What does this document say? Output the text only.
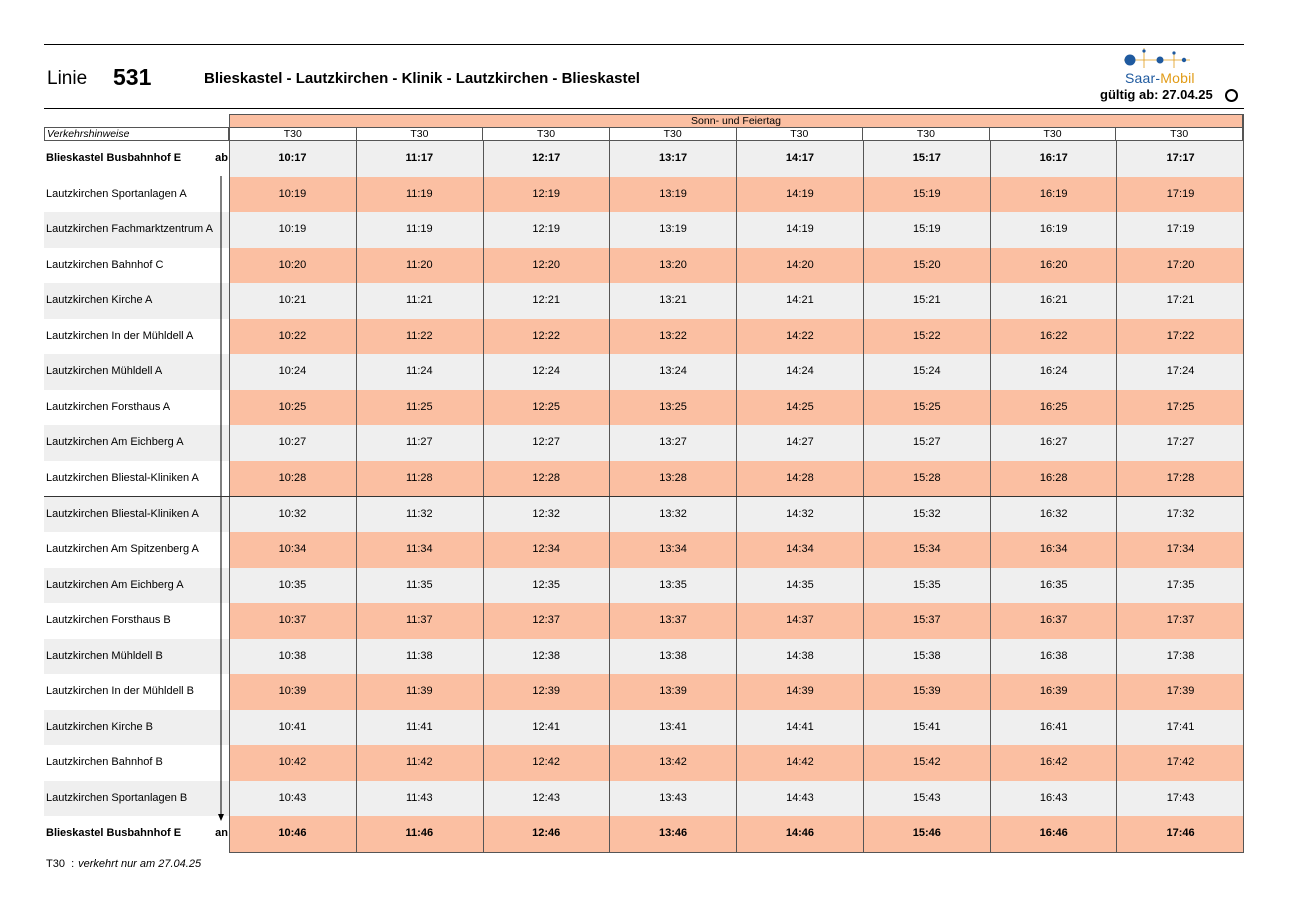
Linie 531	Blieskastel - Lautzkirchen - Klinik - Lautzkirchen - Blieskastel	Saar-Mobil
gültig ab: 27.04.25
Sonn- und Feiertag
Verkehrshinweise	T30	T30	T30	T30	T30	T30	T30	T30
Blieskastel Busbahnhof E	ab	10:17	11:17	12:17	13:17	14:17	15:17	16:17	17:17
Lautzkirchen Sportanlagen A	10:19	11:19	12:19	13:19	14:19	15:19	16:19	17:19
Lautzkirchen Fachmarktzentrum A	10:19	11:19	12:19	13:19	14:19	15:19	16:19	17:19
Lautzkirchen Bahnhof C	10:20	11:20	12:20	13:20	14:20	15:20	16:20	17:20
Lautzkirchen Kirche A	10:21	11:21	12:21	13:21	14:21	15:21	16:21	17:21
Lautzkirchen In der Mühldell A	10:22	11:22	12:22	13:22	14:22	15:22	16:22	17:22
Lautzkirchen Mühldell A	10:24	11:24	12:24	13:24	14:24	15:24	16:24	17:24
Lautzkirchen Forsthaus A	10:25	11:25	12:25	13:25	14:25	15:25	16:25	17:25
Lautzkirchen Am Eichberg A	10:27	11:27	12:27	13:27	14:27	15:27	16:27	17:27
Lautzkirchen Bliestal-Kliniken A	10:28	11:28	12:28	13:28	14:28	15:28	16:28	17:28
Lautzkirchen Bliestal-Kliniken A	10:32	11:32	12:32	13:32	14:32	15:32	16:32	17:32
Lautzkirchen Am Spitzenberg A	10:34	11:34	12:34	13:34	14:34	15:34	16:34	17:34
Lautzkirchen Am Eichberg A	10:35	11:35	12:35	13:35	14:35	15:35	16:35	17:35
Lautzkirchen Forsthaus B	10:37	11:37	12:37	13:37	14:37	15:37	16:37	17:37
Lautzkirchen Mühldell B	10:38	11:38	12:38	13:38	14:38	15:38	16:38	17:38
Lautzkirchen In der Mühldell B	10:39	11:39	12:39	13:39	14:39	15:39	16:39	17:39
Lautzkirchen Kirche B	10:41	11:41	12:41	13:41	14:41	15:41	16:41	17:41
Lautzkirchen Bahnhof B	10:42	11:42	12:42	13:42	14:42	15:42	16:42	17:42
Lautzkirchen Sportanlagen B	10:43	11:43	12:43	13:43	14:43	15:43	16:43	17:43
Blieskastel Busbahnhof E	an	10:46	11:46	12:46	13:46	14:46	15:46	16:46	17:46
T30 : verkehrt nur am 27.04.25
